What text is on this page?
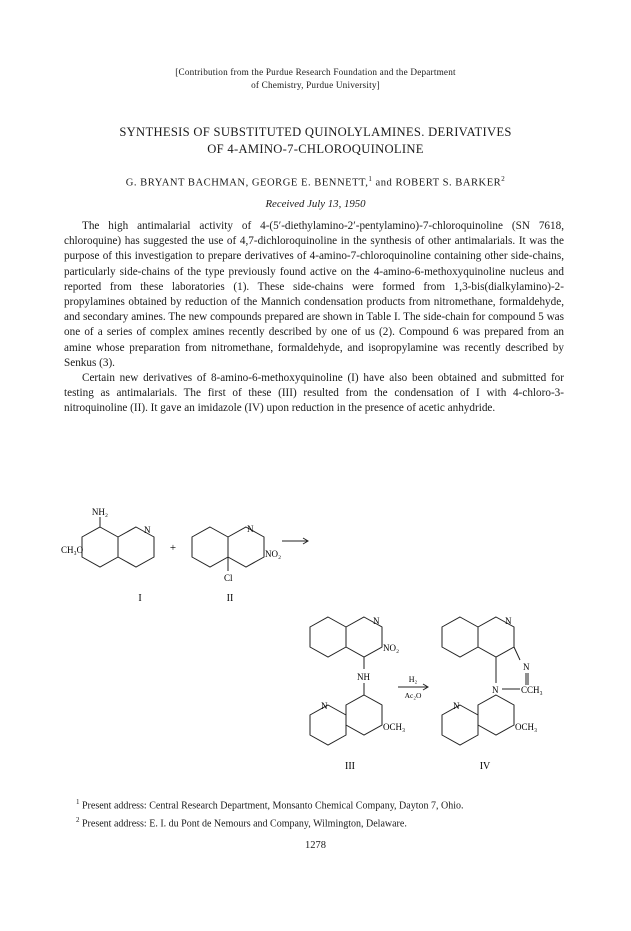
[Contribution from the Purdue Research Foundation and the Department
of Chemistry, Purdue University]
SYNTHESIS OF SUBSTITUTED QUINOLYLAMINES. DERIVATIVES
OF 4-AMINO-7-CHLOROQUINOLINE
G. BRYANT BACHMAN, GEORGE E. BENNETT,$^1$ and ROBERT S. BARKER$^2$
Received July 13, 1950

The high antimalarial activity of 4-(5′-diethylamino-2′-pentylamino)-7-chloroquinoline (SN 7618, chloroquine) has suggested the use of 4,7-dichloroquinoline in the synthesis of other antimalarials. It was the purpose of this investigation to prepare derivatives of 4-amino-7-chloroquinoline containing other side-chains, particularly side-chains of the type previously found active on the 4-amino-6-methoxyquinoline nucleus and reported from these laboratories (1). These side-chains were formed from 1,3-bis(dialkylamino)-2-propylamines obtained by reduction of the Mannich condensation products from nitromethane, formaldehyde, and secondary amines. The new compounds prepared are shown in Table I. The side-chain for compound 5 was one of a series of complex amines recently described by one of us (2). Compound 6 was prepared from an amine whose preparation from nitromethane, formaldehyde, and isopropylamine was recently described by Senkus (3).

Certain new derivatives of 8-amino-6-methoxyquinoline (I) have also been obtained and submitted for testing as antimalarials. The first of these (III) resulted from the condensation of I with 4-chloro-3-nitroquinoline (II). It gave an imidazole (IV) upon reduction in the presence of acetic anhydride.

NH₂
N
CH₃O	+
N
NO₂
Cl
I	II
N
NO₂
NH
N
OCH₃
H₂
Ac₂O
N
N
N	CCH₃
N
OCH₃
III	IV

$^1$ Present address: Central Research Department, Monsanto Chemical Company, Dayton 7, Ohio.

$^2$ Present address: E. I. du Pont de Nemours and Company, Wilmington, Delaware.

1278
